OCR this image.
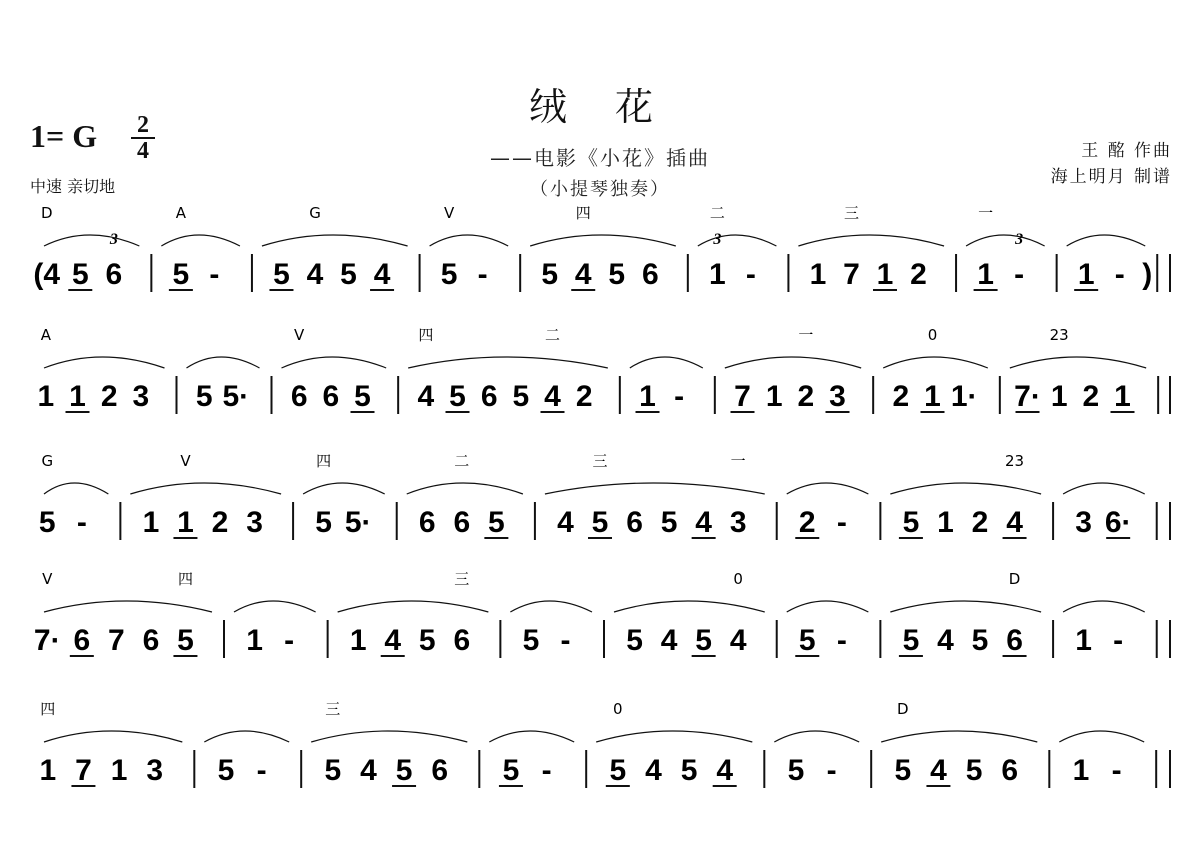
绒 花
——电影《小花》插曲
（小提琴独奏）
1= G	2
4
中速 亲切地
王 酩 作曲
海上明月 制谱
(4
D
5 6
3
5
A
- 5 4
G
5 4 5
V
- 5 4
四
5 6 1
二
3
- 1 7
三
1 2 1
一
-
3
1 - )
1
A
1 2 3 5 5· 6
V
6 5 4
四
5 6 5 4
二
2 1 - 7 1 2
一
3 2 1
0
1· 7· 1
23
2 1
5
G
- 1 1
V
2 3 5
四
5· 6 6
二
5 4 5
三
6 5 4 3
一
2 - 5 1 2 4
23
3 6·
7·
V
6 7 6 5
四
1 - 1 4 5 6
三
5 - 5 4 5 4
0
5 - 5 4 5 6
D
1 -
1
四
7 1 3 5 - 5
三
4 5 6 5 - 5
0
4 5 4 5 - 5
D
4 5 6 1 -
